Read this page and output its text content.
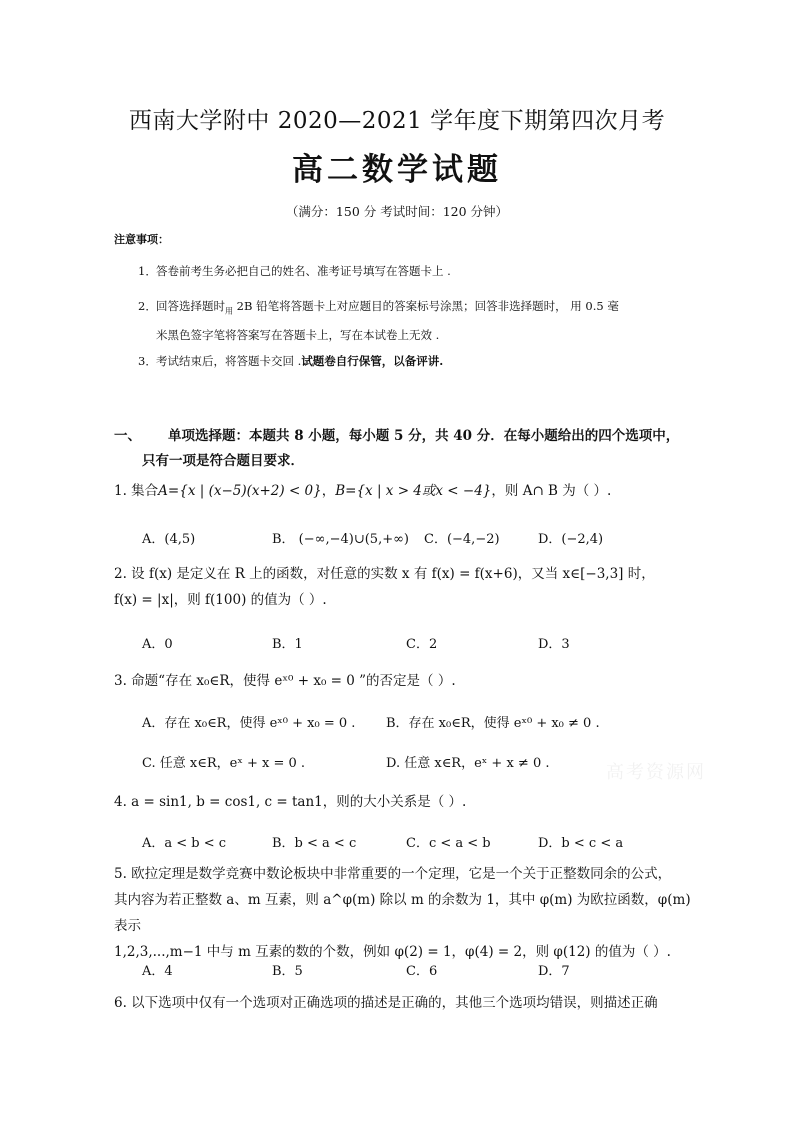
西南大学附中 2020—2021 学年度下期第四次月考
高二数学试题
（满分：150 分 考试时间：120 分钟）
注意事项：
1．答卷前考生务必把自己的姓名、准考证号填写在答题卡上 .
2．回答选择题时$_用$ 2B 铅笔将答题卡上对应题目的答案标号涂黑；回答非选择题时， 用 0.5 毫
米黑色签字笔将答案写在答题卡上，写在本试卷上无效 .
3．考试结束后，将答题卡交回 .试题卷自行保管，以备评讲.
一、 单项选择题：本题共 8 小题，每小题 5 分，共 40 分．在每小题给出的四个选项中，
只有一项是符合题目要求．
1. 集合A={x | (x−5)(x+2) < 0}，B={x | x > 4或x < −4}，则 A∩ B 为（ ）.
A．(4,5)	B． (−∞,−4)∪(5,+∞) C．(−4,−2)	D．(−2,4)
2. 设 f(x) 是定义在 R 上的函数，对任意的实数 x 有 f(x) = f(x+6)，又当 x∈[−3,3] 时，
f(x) = |x|，则 f(100) 的值为（ ）.
A．0	B．1	C．2	D．3
3. 命题“存在 x₀∈R，使得 eˣ⁰ + x₀ = 0 ”的否定是（ ）.
A．存在 x₀∈R，使得 eˣ⁰ + x₀ = 0 . B．存在 x₀∈R，使得 eˣ⁰ + x₀ ≠ 0 .
C. 任意 x∈R，eˣ + x = 0 .	D. 任意 x∈R，eˣ + x ≠ 0 .
4. a = sin1, b = cos1, c = tan1，则的大小关系是（ ）.
A．a < b < c	B．b < a < c	C．c < a < b	D．b < c < a
5. 欧拉定理是数学竞赛中数论板块中非常重要的一个定理，它是一个关于正整数同余的公式，
其内容为若正整数 a、m 互素，则 a^φ(m) 除以 m 的余数为 1，其中 φ(m) 为欧拉函数，φ(m) 表示
1,2,3,...,m−1 中与 m 互素的数的个数，例如 φ(2) = 1，φ(4) = 2，则 φ(12) 的值为（ ）.
A．4	B．5	C．6	D．7
6. 以下选项中仅有一个选项对正确选项的描述是正确的，其他三个选项均错误，则描述正确
高考资源网
